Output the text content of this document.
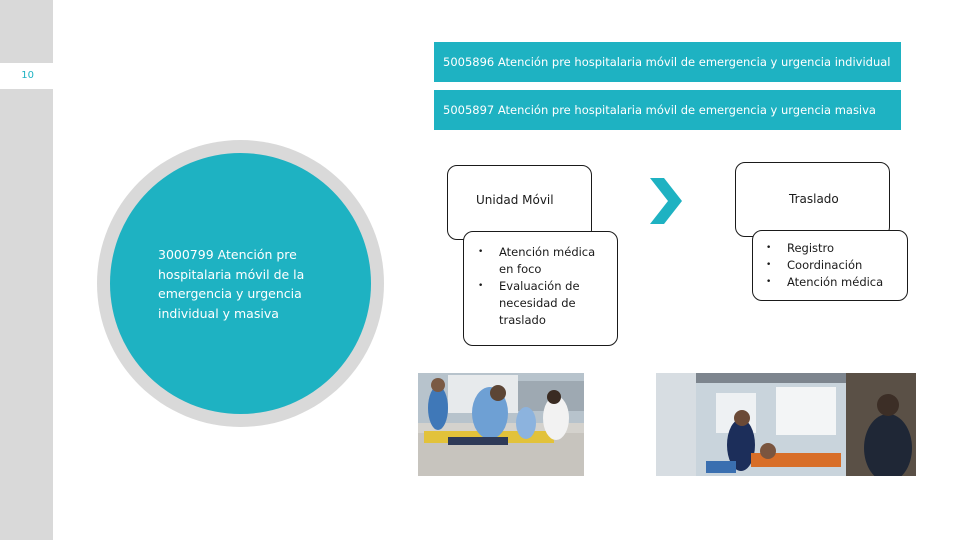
10
5005896 Atención pre hospitalaria móvil de emergencia y urgencia individual
5005897 Atención pre hospitalaria móvil de emergencia y urgencia masiva
3000799 Atención pre hospitalaria móvil de la emergencia y urgencia individual y masiva
Unidad Móvil
• Atención médica en foco
• Evaluación de necesidad de traslado
Traslado
• Registro
• Coordinación
• Atención médica
